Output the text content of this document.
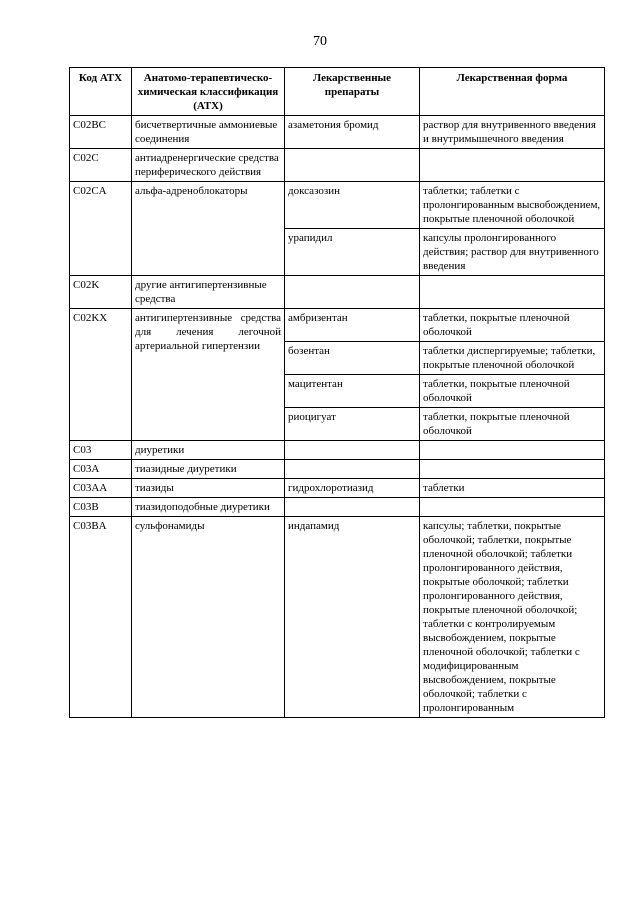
70
Код АТХ	Анатомо-терапевтическо-химическая классификация (АТХ)	Лекарственные препараты	Лекарственная форма
C02BC	бисчетвертичные аммониевые соединения	азаметония бромид	раствор для внутривенного введения и внутримышечного введения
C02C	антиадренергические средства периферического действия		
C02CA	альфа-адреноблокаторы	доксазозин	таблетки; таблетки с пролонгированным высвобождением, покрытые пленочной оболочкой
		урапидил	капсулы пролонгированного действия; раствор для внутривенного введения
C02K	другие антигипертензивные средства		
C02KX	антигипертензивные средства для лечения легочной артериальной гипертензии	амбризентан	таблетки, покрытые пленочной оболочкой
		бозентан	таблетки диспергируемые; таблетки, покрытые пленочной оболочкой
		мацитентан	таблетки, покрытые пленочной оболочкой
		риоцигуат	таблетки, покрытые пленочной оболочкой
C03	диуретики		
C03A	тиазидные диуретики		
C03AA	тиазиды	гидрохлоротиазид	таблетки
C03B	тиазидоподобные диуретики		
C03BA	сульфонамиды	индапамид	капсулы; таблетки, покрытые оболочкой; таблетки, покрытые пленочной оболочкой; таблетки пролонгированного действия, покрытые оболочкой; таблетки пролонгированного действия, покрытые пленочной оболочкой; таблетки с контролируемым высвобождением, покрытые пленочной оболочкой; таблетки с модифицированным высвобождением, покрытые оболочкой; таблетки с пролонгированным
